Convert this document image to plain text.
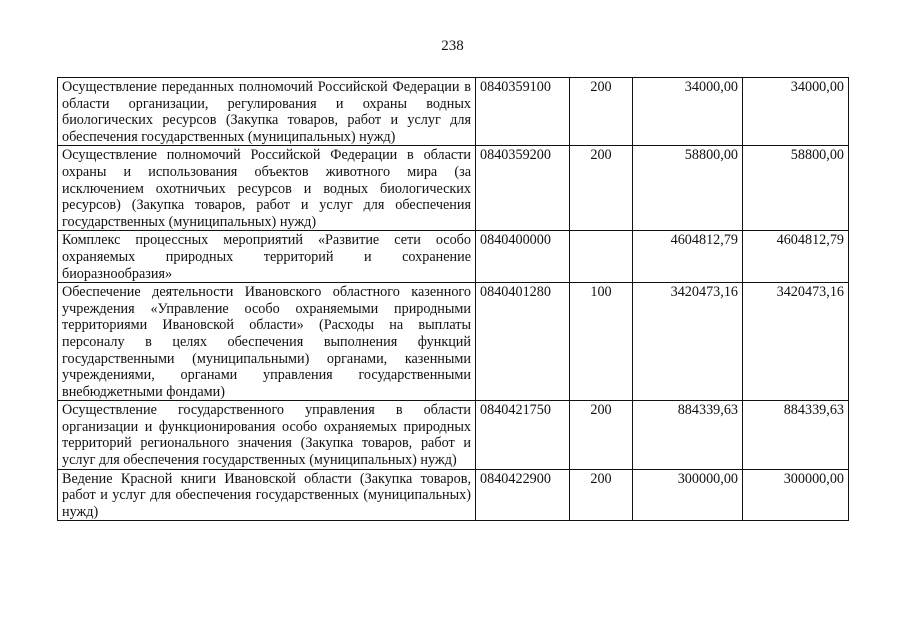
238
Осуществление переданных полномочий Российской Федерации в области организации, регулирования и охраны водных биологических ресурсов (Закупка товаров, работ и услуг для обеспечения государственных (муниципальных) нужд)	0840359100	200	34000,00	34000,00
Осуществление полномочий Российской Федерации в области охраны и использования объектов животного мира (за исключением охотничьих ресурсов и водных биологических ресурсов) (Закупка товаров, работ и услуг для обеспечения государственных (муниципальных) нужд)	0840359200	200	58800,00	58800,00
Комплекс процессных мероприятий «Развитие сети особо охраняемых природных территорий и сохранение биоразнообразия»	0840400000		4604812,79	4604812,79
Обеспечение деятельности Ивановского областного казенного учреждения «Управление особо охраняемыми природными территориями Ивановской области» (Расходы на выплаты персоналу в целях обеспечения выполнения функций государственными (муниципальными) органами, казенными учреждениями, органами управления государственными внебюджетными фондами)	0840401280	100	3420473,16	3420473,16
Осуществление государственного управления в области организации и функционирования особо охраняемых природных территорий регионального значения (Закупка товаров, работ и услуг для обеспечения государственных (муниципальных) нужд)	0840421750	200	884339,63	884339,63
Ведение Красной книги Ивановской области (Закупка товаров, работ и услуг для обеспечения государственных (муниципальных) нужд)	0840422900	200	300000,00	300000,00
